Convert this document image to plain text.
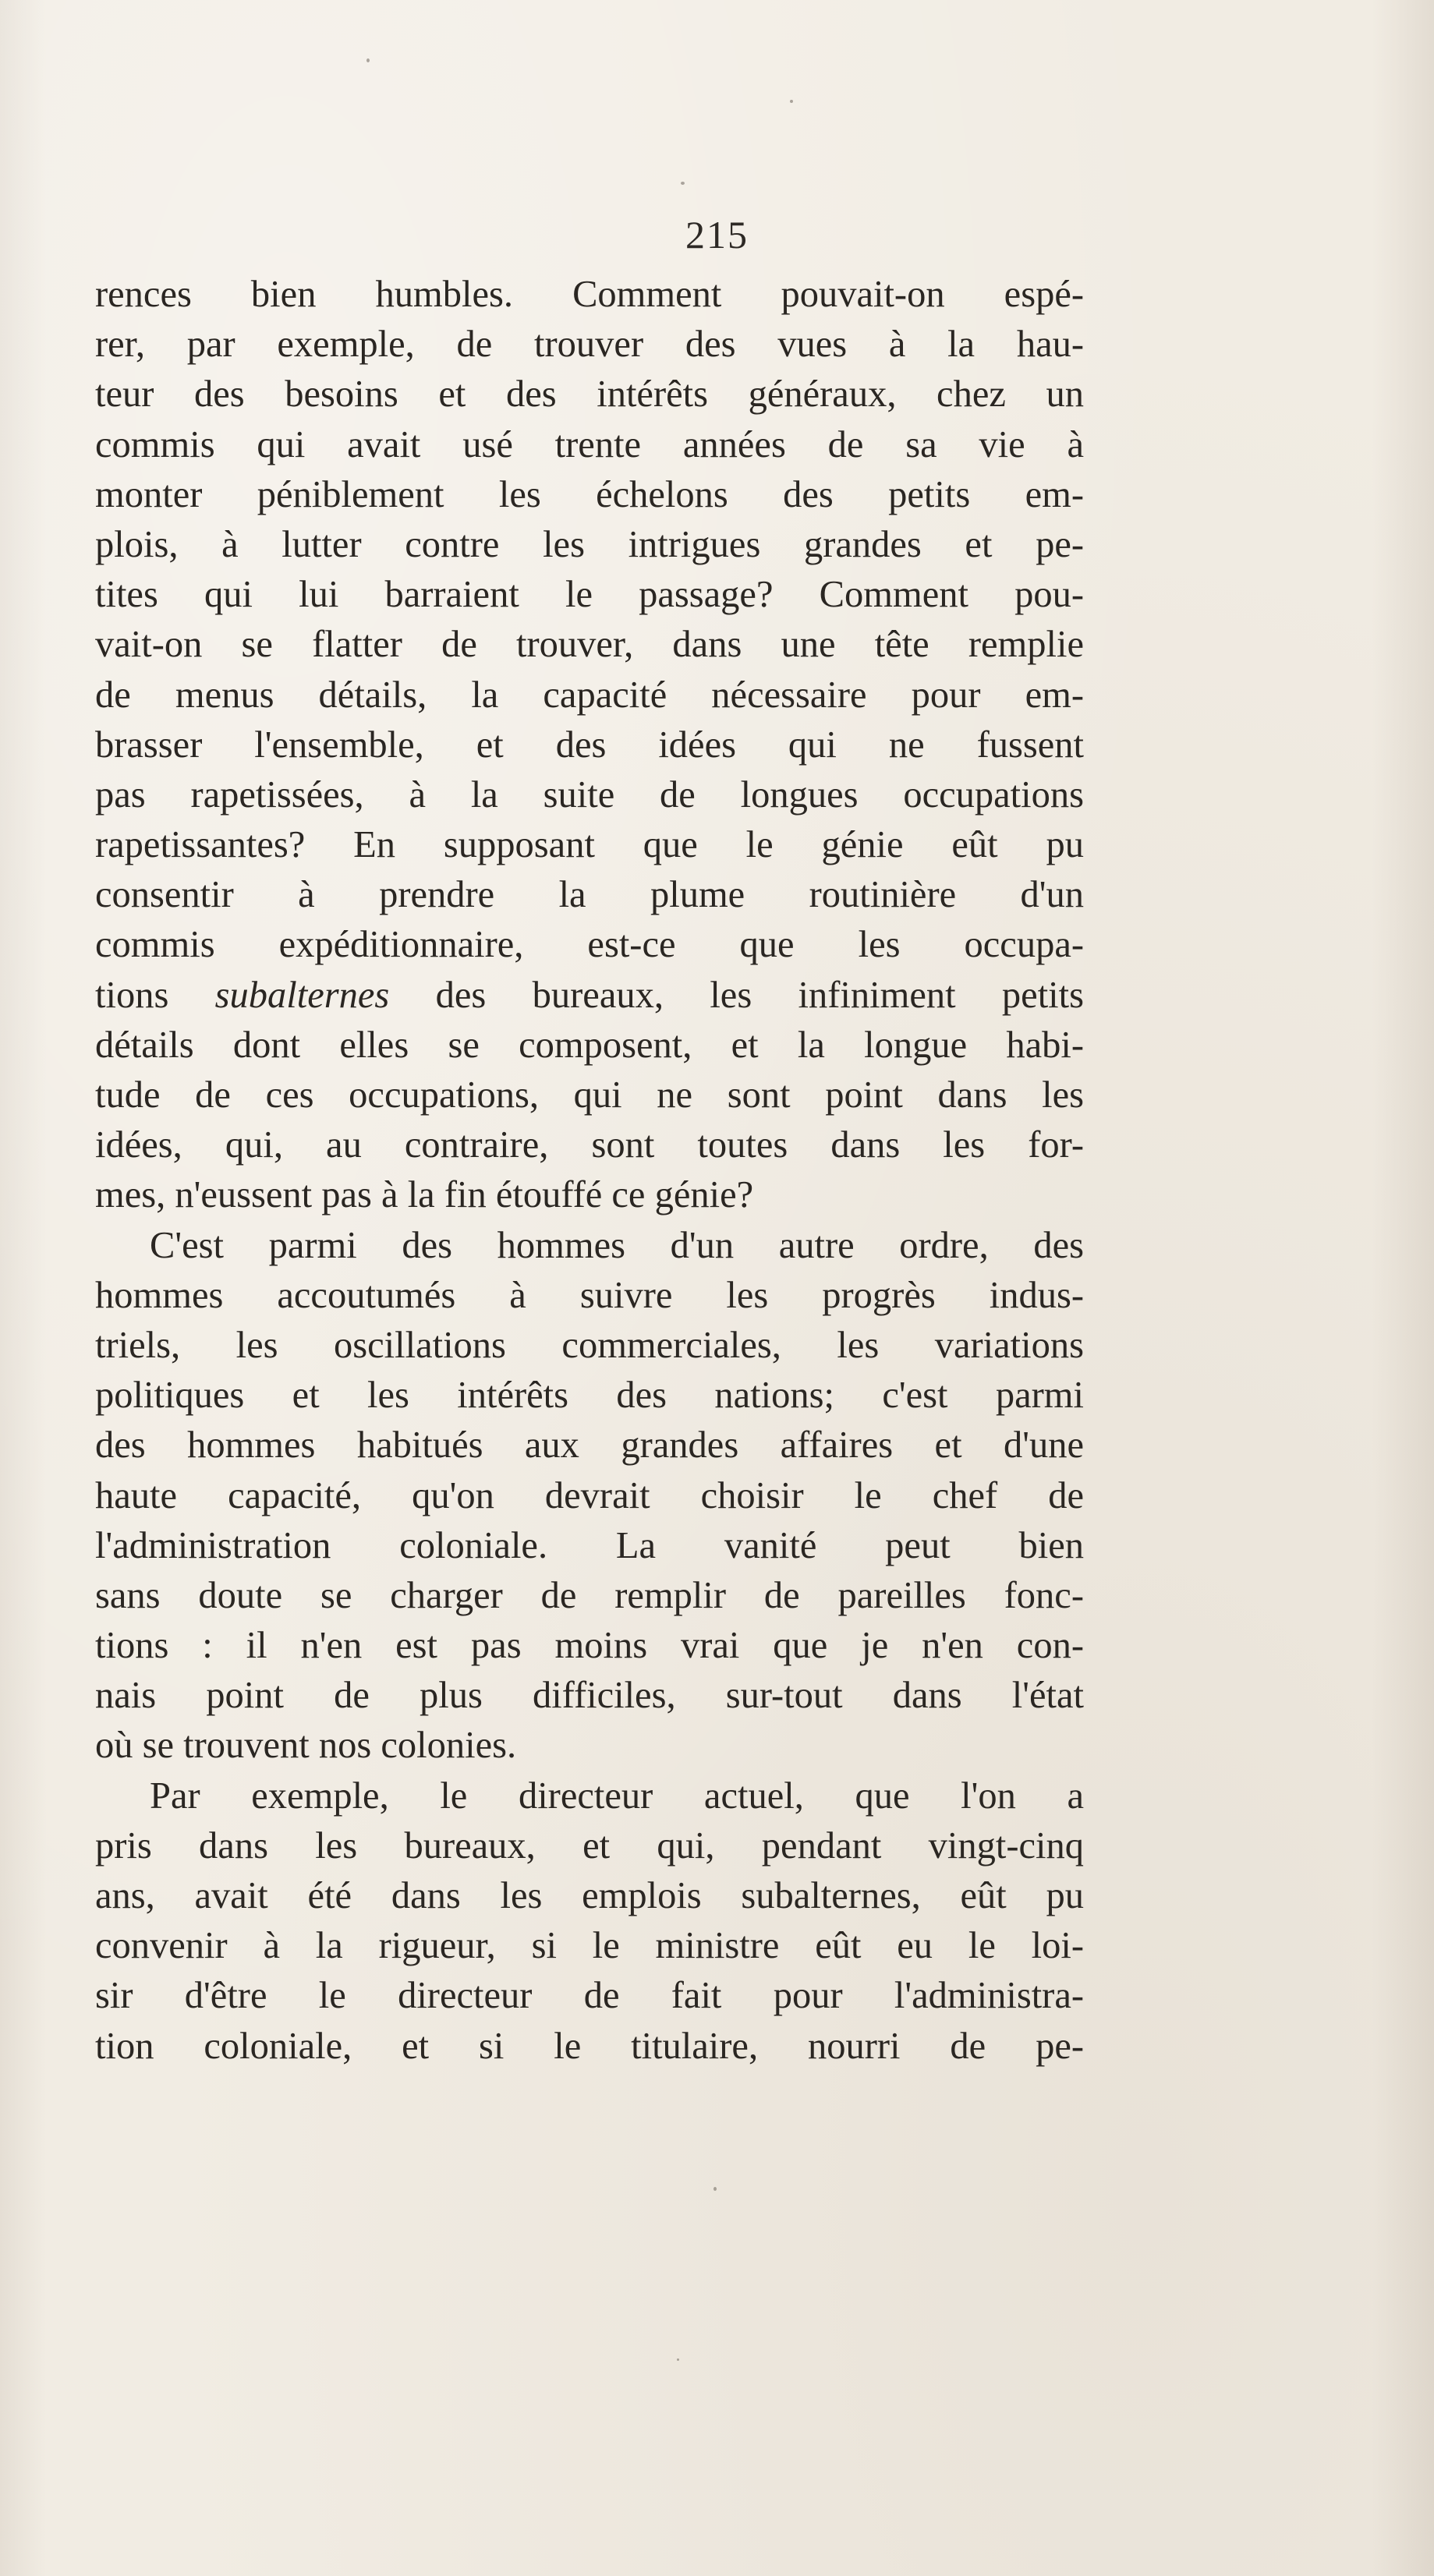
215
rences bien humbles. Comment pouvait-on espé-
rer, par exemple, de trouver des vues à la hau-
teur des besoins et des intérêts généraux, chez un
commis qui avait usé trente années de sa vie à
monter péniblement les échelons des petits em-
plois, à lutter contre les intrigues grandes et pe-
tites qui lui barraient le passage? Comment pou-
vait-on se flatter de trouver, dans une tête remplie
de menus détails, la capacité nécessaire pour em-
brasser l'ensemble, et des idées qui ne fussent
pas rapetissées, à la suite de longues occupations
rapetissantes? En supposant que le génie eût pu
consentir à prendre la plume routinière d'un
commis expéditionnaire, est-ce que les occupa-
tions subalternes des bureaux, les infiniment petits
détails dont elles se composent, et la longue habi-
tude de ces occupations, qui ne sont point dans les
idées, qui, au contraire, sont toutes dans les for-
mes, n'eussent pas à la fin étouffé ce génie?
C'est parmi des hommes d'un autre ordre, des
hommes accoutumés à suivre les progrès indus-
triels, les oscillations commerciales, les variations
politiques et les intérêts des nations; c'est parmi
des hommes habitués aux grandes affaires et d'une
haute capacité, qu'on devrait choisir le chef de
l'administration coloniale. La vanité peut bien
sans doute se charger de remplir de pareilles fonc-
tions : il n'en est pas moins vrai que je n'en con-
nais point de plus difficiles, sur-tout dans l'état
où se trouvent nos colonies.
Par exemple, le directeur actuel, que l'on a
pris dans les bureaux, et qui, pendant vingt-cinq
ans, avait été dans les emplois subalternes, eût pu
convenir à la rigueur, si le ministre eût eu le loi-
sir d'être le directeur de fait pour l'administra-
tion coloniale, et si le titulaire, nourri de pe-
